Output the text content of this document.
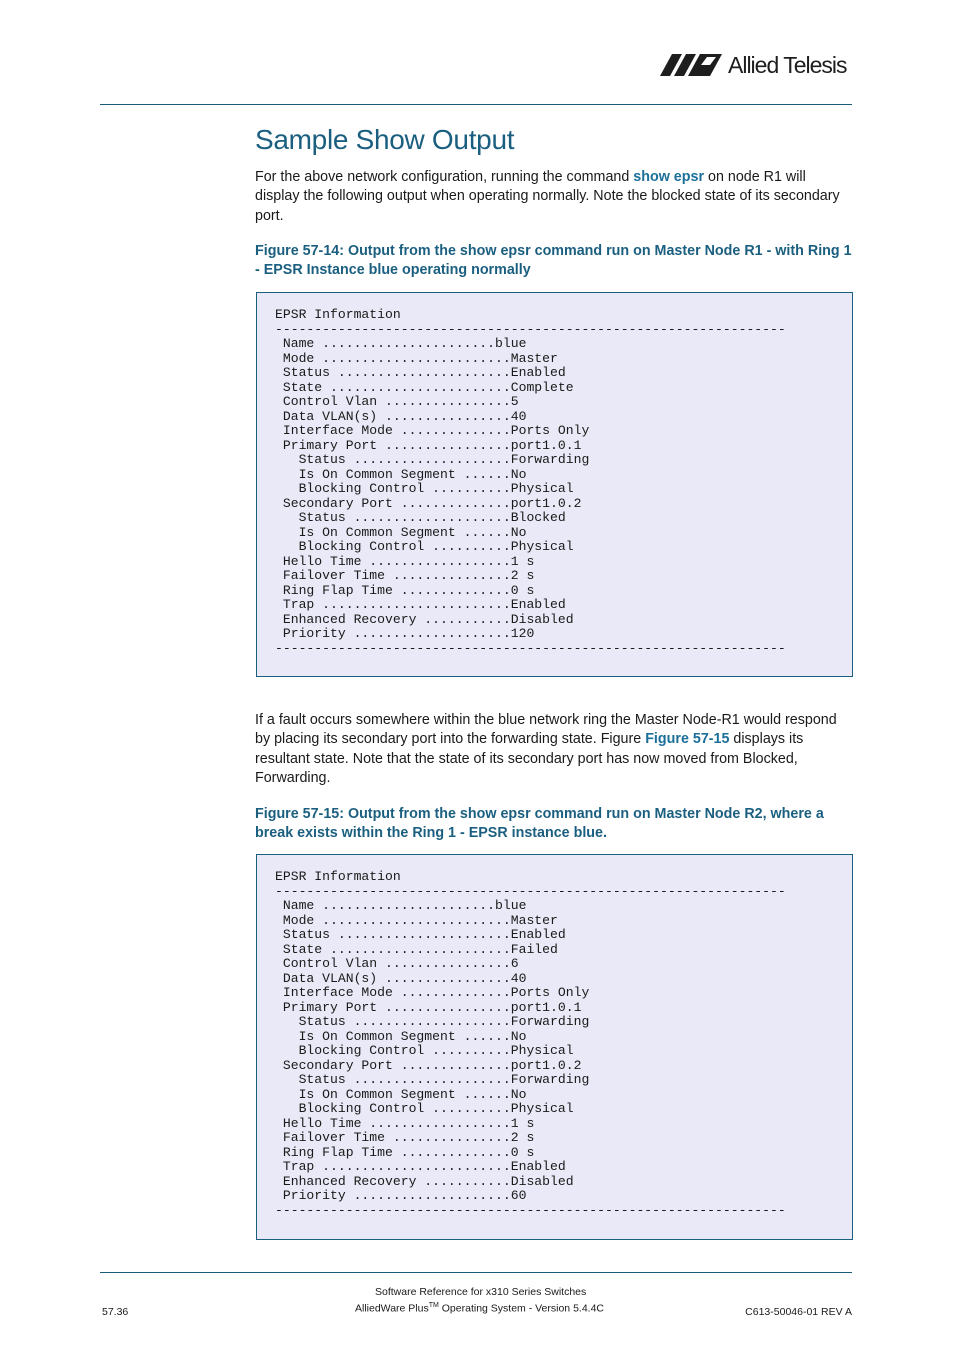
Allied Telesis
Sample Show Output

For the above network configuration, running the command show epsr on node R1 will display the following output when operating normally. Note the blocked state of its secondary port.

Figure 57-14: Output from the show epsr command run on Master Node R1 - with Ring 1 - EPSR Instance blue operating normally

EPSR Information
-----------------------------------------------------------------
Name ......................blue
Mode ........................Master
Status ......................Enabled
State .......................Complete
Control Vlan ................5
Data VLAN(s) ................40
Interface Mode ..............Ports Only
Primary Port ................port1.0.1
Status ....................Forwarding
Is On Common Segment ......No
Blocking Control ..........Physical
Secondary Port ..............port1.0.2
Status ....................Blocked
Is On Common Segment ......No
Blocking Control ..........Physical
Hello Time ..................1 s
Failover Time ...............2 s
Ring Flap Time ..............0 s
Trap ........................Enabled
Enhanced Recovery ...........Disabled
Priority ....................120
-----------------------------------------------------------------

If a fault occurs somewhere within the blue network ring the Master Node-R1 would respond by placing its secondary port into the forwarding state. Figure Figure 57-15 displays its resultant state. Note that the state of its secondary port has now moved from Blocked, Forwarding.

Figure 57-15: Output from the show epsr command run on Master Node R2, where a break exists within the Ring 1 - EPSR instance blue.

EPSR Information
-----------------------------------------------------------------
Name ......................blue
Mode ........................Master
Status ......................Enabled
State .......................Failed
Control Vlan ................6
Data VLAN(s) ................40
Interface Mode ..............Ports Only
Primary Port ................port1.0.1
Status ....................Forwarding
Is On Common Segment ......No
Blocking Control ..........Physical
Secondary Port ..............port1.0.2
Status ....................Forwarding
Is On Common Segment ......No
Blocking Control ..........Physical
Hello Time ..................1 s
Failover Time ...............2 s
Ring Flap Time ..............0 s
Trap ........................Enabled
Enhanced Recovery ...........Disabled
Priority ....................60
-----------------------------------------------------------------
Software Reference for x310 Series Switches
57.36	AlliedWare Plus™ Operating System - Version 5.4.4C	C613-50046-01 REV A
